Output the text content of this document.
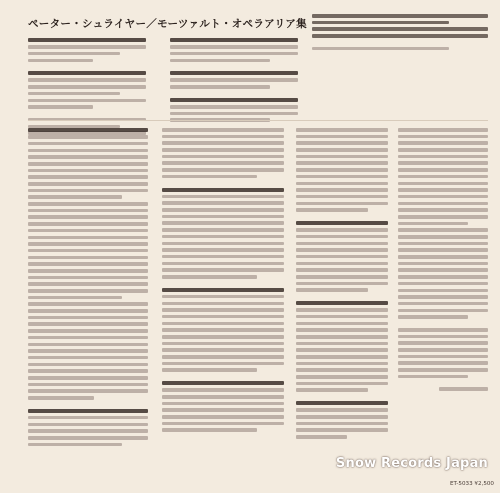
ペーター・シュライヤー／モーツァルト・オペラアリア集
Snow Records Japan
ET-5033 ¥2,500
